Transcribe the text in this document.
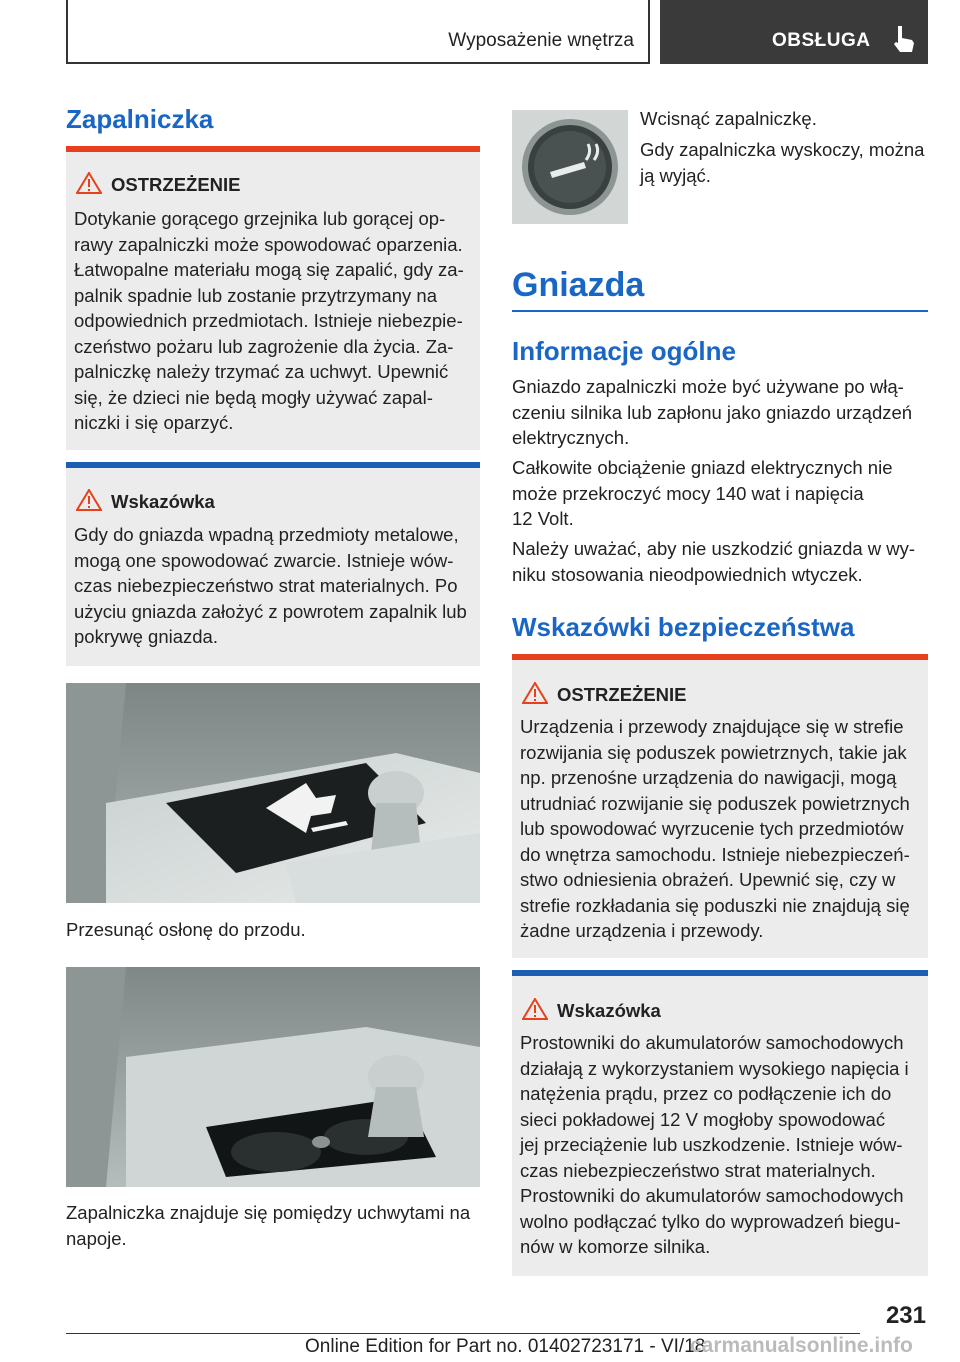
Wyposażenie wnętrza	OBSŁUGA
Zapalniczka
OSTRZEŻENIE

Dotykanie gorącego grzejnika lub gorącej op‐
rawy zapalniczki może spowodować oparzenia.
Łatwopalne materiału mogą się zapalić, gdy za‐
palnik spadnie lub zostanie przytrzymany na
odpowiednich przedmiotach. Istnieje niebezpie‐
czeństwo pożaru lub zagrożenie dla życia. Za‐
palniczkę należy trzymać za uchwyt. Upewnić
się, że dzieci nie będą mogły używać zapal‐
niczki i się oparzyć.

Wskazówka

Gdy do gniazda wpadną przedmioty metalowe,
mogą one spowodować zwarcie. Istnieje wów‐
czas niebezpieczeństwo strat materialnych. Po
użyciu gniazda założyć z powrotem zapalnik lub
pokrywę gniazda.

Przesunąć osłonę do przodu.
Zapalniczka znajduje się pomiędzy uchwytami na
napoje.
Wcisnąć zapalniczkę.
Gdy zapalniczka wyskoczy, można
ją wyjąć.
Gniazda
Informacje ogólne

Gniazdo zapalniczki może być używane po włą‐
czeniu silnika lub zapłonu jako gniazdo urządzeń
elektrycznych.

Całkowite obciążenie gniazd elektrycznych nie
może przekroczyć mocy 140 wat i napięcia
12 Volt.

Należy uważać, aby nie uszkodzić gniazda w wy‐
niku stosowania nieodpowiednich wtyczek.

Wskazówki bezpieczeństwa
OSTRZEŻENIE

Urządzenia i przewody znajdujące się w strefie
rozwijania się poduszek powietrznych, takie jak
np. przenośne urządzenia do nawigacji, mogą
utrudniać rozwijanie się poduszek powietrznych
lub spowodować wyrzucenie tych przedmiotów
do wnętrza samochodu. Istnieje niebezpieczeń‐
stwo odniesienia obrażeń. Upewnić się, czy w
strefie rozkładania się poduszki nie znajdują się
żadne urządzenia i przewody.

Wskazówka

Prostowniki do akumulatorów samochodowych
działają z wykorzystaniem wysokiego napięcia i
natężenia prądu, przez co podłączenie ich do
sieci pokładowej 12 V mogłoby spowodować
jej przeciążenie lub uszkodzenie. Istnieje wów‐
czas niebezpieczeństwo strat materialnych.
Prostowniki do akumulatorów samochodowych
wolno podłączać tylko do wyprowadzeń biegu‐
nów w komorze silnika.

231
Online Edition for Part no. 01402723171 - VI/18
carmanualsonline.info
